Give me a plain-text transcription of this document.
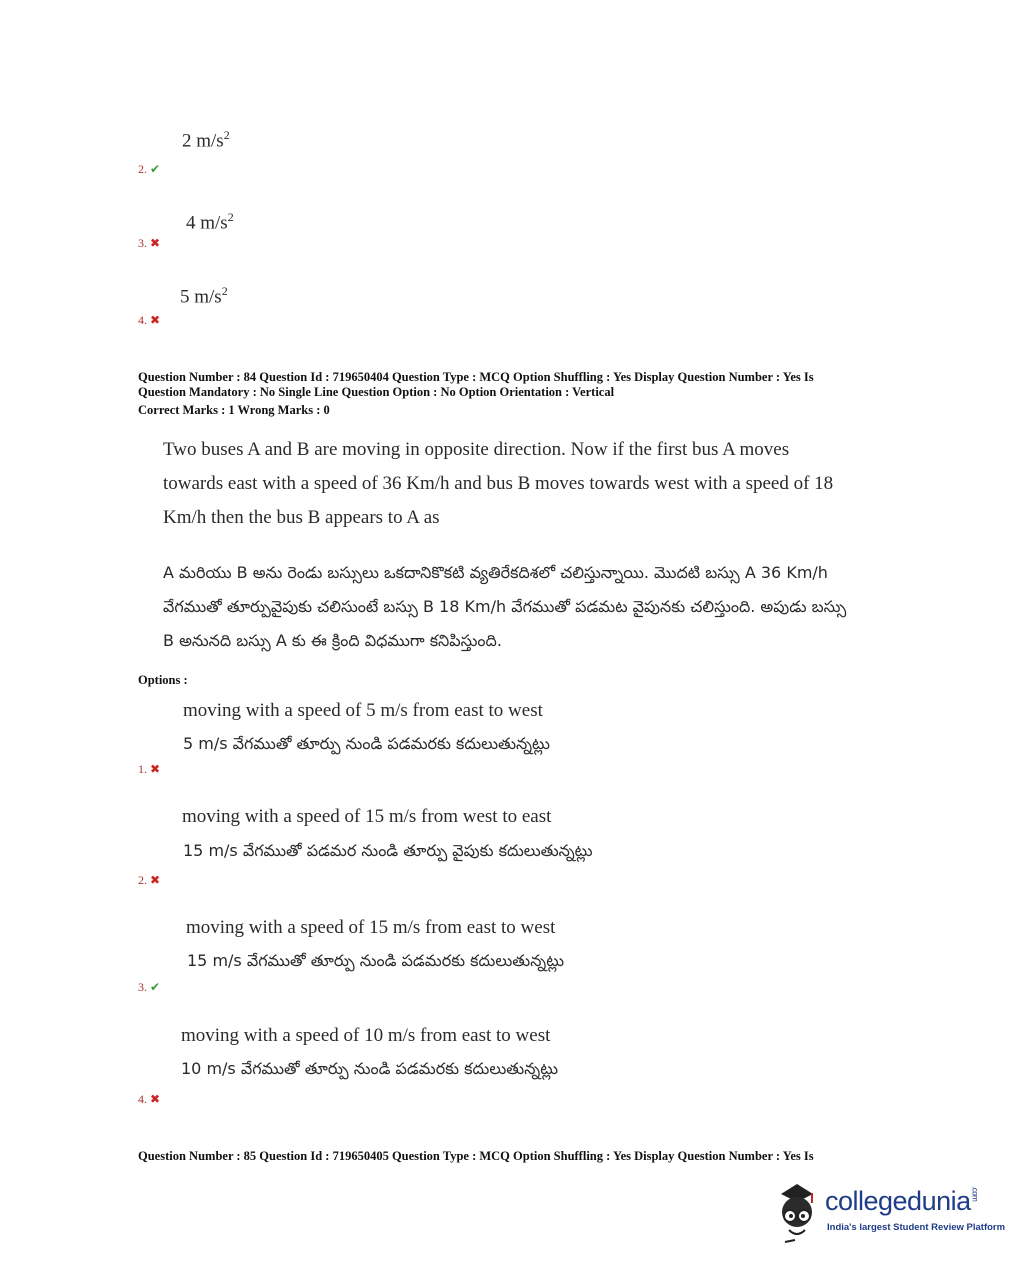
2 $m/s^2$
2. ✔
4 $m/s^2$
3. ✖
5 $m/s^2$
4. ✖
Question Number : 84 Question Id : 719650404 Question Type : MCQ Option Shuffling : Yes Display Question Number : Yes Is
Question Mandatory : No Single Line Question Option : No Option Orientation : Vertical
Correct Marks : 1 Wrong Marks : 0
Two buses A and B are moving in opposite direction. Now if the first bus A moves towards east with a speed of 36 Km/h and bus B moves towards west with a speed of 18 Km/h then the bus B appears to A as
A మరియు B అను రెండు బస్సులు ఒకదానికొకటి వ్యతిరేకదిశలో చలిస్తున్నాయి. మొదటి బస్సు A 36 Km/h వేగముతో తూర్పువైపుకు చలిసుంటే బస్సు B 18 Km/h వేగముతో పడమట వైపునకు చలిస్తుంది. అపుడు బస్సు B అనునది బస్సు A కు ఈ క్రింది విధముగా కనిపిస్తుంది.
Options :
moving with a speed of 5 m/s from east to west
5 m/s వేగముతో తూర్పు నుండి పడమరకు కదులుతున్నట్లు
1. ✖
moving with a speed of 15 m/s from west to east
15 m/s వేగముతో పడమర నుండి తూర్పు వైపుకు కదులుతున్నట్లు
2. ✖
moving with a speed of 15 m/s from east to west
15 m/s వేగముతో తూర్పు నుండి పడమరకు కదులుతున్నట్లు
3. ✔
moving with a speed of 10 m/s from east to west
10 m/s వేగముతో తూర్పు నుండి పడమరకు కదులుతున్నట్లు
4. ✖
Question Number : 85 Question Id : 719650405 Question Type : MCQ Option Shuffling : Yes Display Question Number : Yes Is
collegedunia.com
India's largest Student Review Platform
